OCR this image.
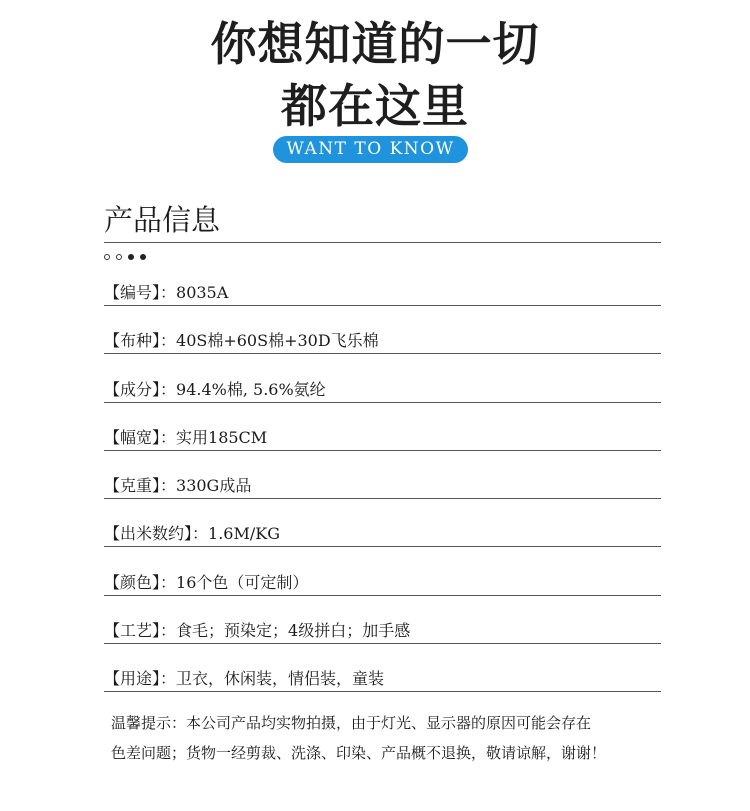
你想知道的一切
都在这里
WANT TO KNOW
产品信息
【编号】：8035A
【布种】：40S棉+60S棉+30D飞乐棉
【成分】：94.4%棉, 5.6%氨纶
【幅宽】：实用185CM
【克重】：330G成品
【出米数约】：1.6M/KG
【颜色】：16个色（可定制）
【工艺】：食毛；预染定；4级拼白；加手感
【用途】：卫衣，休闲装，情侣装，童装
温馨提示：本公司产品均实物拍摄，由于灯光、显示器的原因可能会存在
色差问题；货物一经剪裁、洗涤、印染、产品概不退换，敬请谅解，谢谢！
